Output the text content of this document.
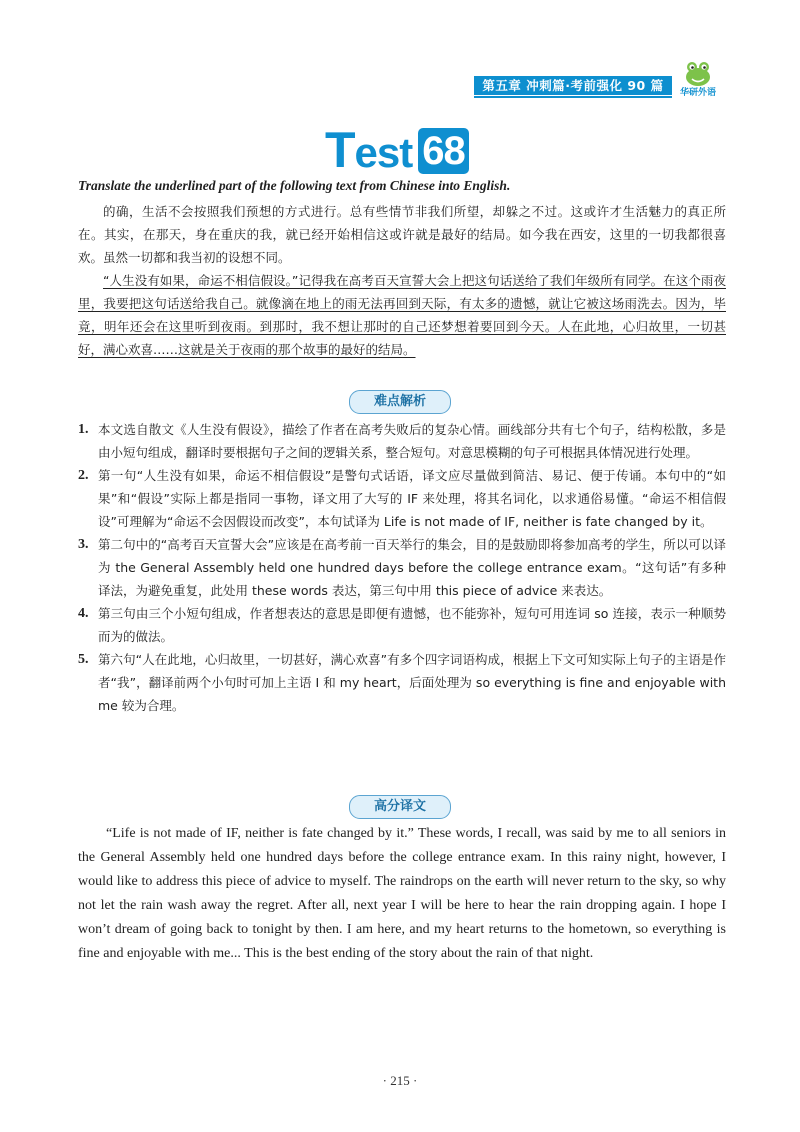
第五章 冲刺篇·考前强化 90 篇	华研外语
Test 68
Translate the underlined part of the following text from Chinese into English.

的确，生活不会按照我们预想的方式进行。总有些情节非我们所望，却躲之不过。这或许才生活魅力的真正所在。其实，在那天，身在重庆的我，就已经开始相信这或许就是最好的结局。如今我在西安，这里的一切我都很喜欢。虽然一切都和我当初的设想不同。

“人生没有如果，命运不相信假设。”记得我在高考百天宣誓大会上把这句话送给了我们年级所有同学。在这个雨夜里，我要把这句话送给我自己。就像滴在地上的雨无法再回到天际，有太多的遗憾，就让它被这场雨洗去。因为，毕竟，明年还会在这里听到夜雨。到那时，我不想让那时的自己还梦想着要回到今天。人在此地，心归故里，一切甚好，满心欢喜……这就是关于夜雨的那个故事的最好的结局。

难点解析
1. 本文选自散文《人生没有假设》，描绘了作者在高考失败后的复杂心情。画线部分共有七个句子，结构松散，多是由小短句组成，翻译时要根据句子之间的逻辑关系，整合短句。对意思模糊的句子可根据具体情况进行处理。
2. 第一句“人生没有如果，命运不相信假设”是警句式话语，译文应尽量做到简洁、易记、便于传诵。本句中的“如果”和“假设”实际上都是指同一事物，译文用了大写的 IF 来处理，将其名词化，以求通俗易懂。“命运不相信假设”可理解为“命运不会因假设而改变”，本句试译为 Life is not made of IF, neither is fate changed by it。
3. 第二句中的“高考百天宣誓大会”应该是在高考前一百天举行的集会，目的是鼓励即将参加高考的学生，所以可以译为 the General Assembly held one hundred days before the college entrance exam。“这句话”有多种译法，为避免重复，此处用 these words 表达，第三句中用 this piece of advice 来表达。
4. 第三句由三个小短句组成，作者想表达的意思是即便有遗憾，也不能弥补，短句可用连词 so 连接，表示一种顺势而为的做法。
5. 第六句“人在此地，心归故里，一切甚好，满心欢喜”有多个四字词语构成，根据上下文可知实际上句子的主语是作者“我”，翻译前两个小句时可加上主语 I 和 my heart，后面处理为 so everything is fine and enjoyable with me 较为合理。
高分译文

“Life is not made of IF, neither is fate changed by it.” These words, I recall, was said by me to all seniors in the General Assembly held one hundred days before the college entrance exam. In this rainy night, however, I would like to address this piece of advice to myself. The raindrops on the earth will never return to the sky, so why not let the rain wash away the regret. After all, next year I will be here to hear the rain dropping again. I hope I won’t dream of going back to tonight by then. I am here, and my heart returns to the hometown, so everything is fine and enjoyable with me... This is the best ending of the story about the rain of that night.

· 215 ·
